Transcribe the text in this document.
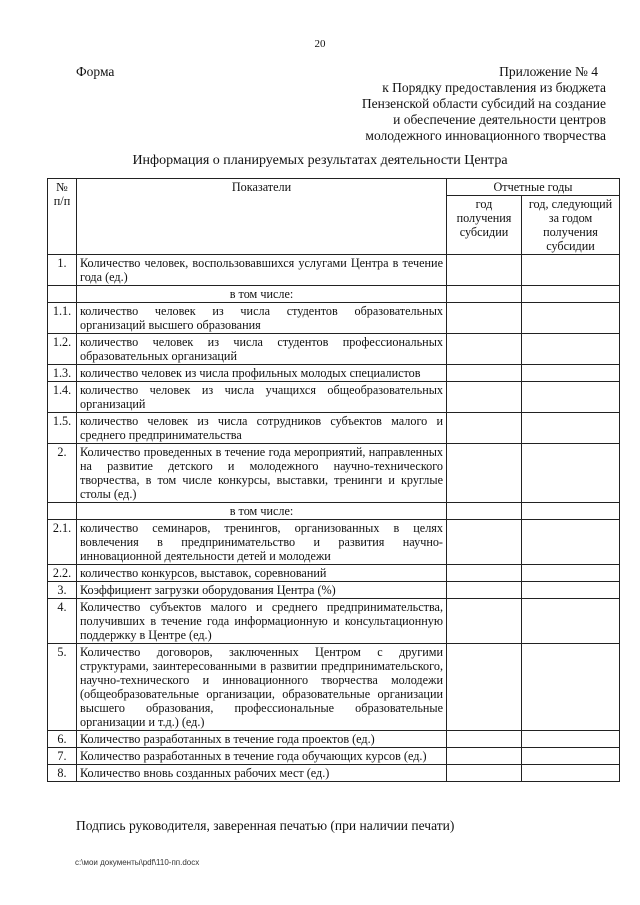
20
Форма	Приложение № 4
к Порядку предоставления из бюджета
Пензенской области субсидий на создание
и обеспечение деятельности центров
молодежного инновационного творчества
Информация о планируемых результатах деятельности Центра
№ п/п	Показатели	Отчетные годы	
		год получения субсидии	год, следующий за годом получения субсидии
1.	Количество человек, воспользовавшихся услугами Центра в течение года (ед.)		
	в том числе:		
1.1.	количество человек из числа студентов образовательных организаций высшего образования		
1.2.	количество человек из числа студентов профессиональных образовательных организаций		
1.3.	количество человек из числа профильных молодых специалистов		
1.4.	количество человек из числа учащихся общеобразовательных организаций		
1.5.	количество человек из числа сотрудников субъектов малого и среднего предпринимательства		
2.	Количество проведенных в течение года мероприятий, направленных на развитие детского и молодежного научно-технического творчества, в том числе конкурсы, выставки, тренинги и круглые столы (ед.)		
	в том числе:		
2.1.	количество семинаров, тренингов, организованных в целях вовлечения в предпринимательство и развития научно-инновационной деятельности детей и молодежи		
2.2.	количество конкурсов, выставок, соревнований		
3.	Коэффициент загрузки оборудования Центра (%)		
4.	Количество субъектов малого и среднего предпринимательства, получивших в течение года информационную и консультационную поддержку в Центре (ед.)		
5.	Количество договоров, заключенных Центром с другими структурами, заинтересованными в развитии предпринимательского, научно-технического и инновационного творчества молодежи (общеобразовательные организации, образовательные организации высшего образования, профессиональные образовательные организации и т.д.) (ед.)		
6.	Количество разработанных в течение года проектов (ед.)		
7.	Количество разработанных в течение года обучающих курсов (ед.)		
8.	Количество вновь созданных рабочих мест (ед.)		
Подпись руководителя, заверенная печатью (при наличии печати)
c:\мои документы\pdf\110-пп.docx
